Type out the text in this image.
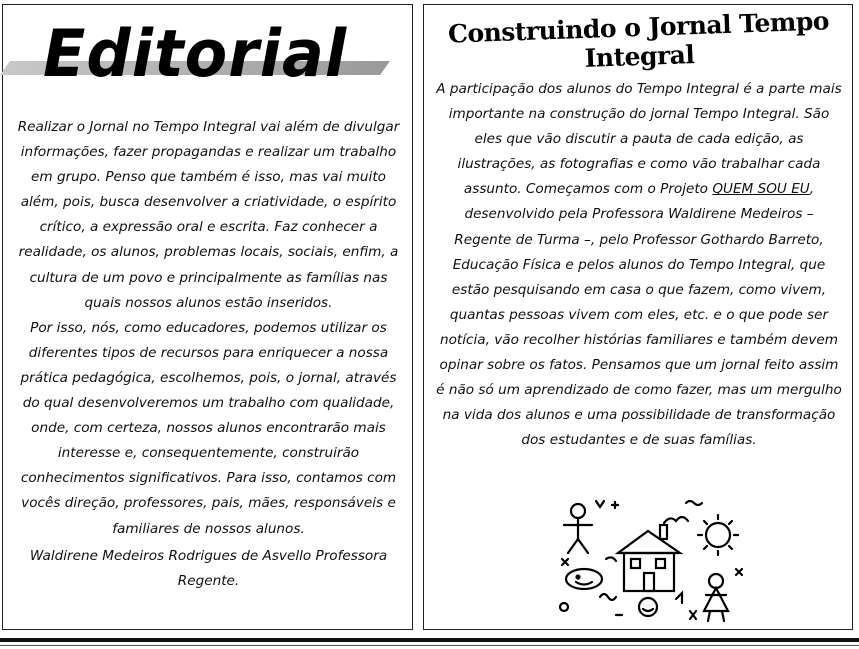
Editorial

Realizar o Jornal no Tempo Integral vai além de divulgar informações, fazer propagandas e realizar um trabalho em grupo. Penso que também é isso, mas vai muito além, pois, busca desenvolver a criatividade, o espírito crítico, a expressão oral e escrita. Faz conhecer a realidade, os alunos, problemas locais, sociais, enfim, a cultura de um povo e principalmente as famílias nas quais nossos alunos estão inseridos.

Por isso, nós, como educadores, podemos utilizar os diferentes tipos de recursos para enriquecer a nossa prática pedagógica, escolhemos, pois, o jornal, através do qual desenvolveremos um trabalho com qualidade, onde, com certeza, nossos alunos encontrarão mais interesse e, consequentemente, construirão conhecimentos significativos. Para isso, contamos com vocês direção, professores, pais, mães, responsáveis e familiares de nossos alunos.

Waldirene Medeiros Rodrigues de Asvello Professora Regente.

Construindo o Jornal Tempo Integral

A participação dos alunos do Tempo Integral é a parte mais importante na construção do jornal Tempo Integral. São eles que vão discutir a pauta de cada edição, as ilustrações, as fotografias e como vão trabalhar cada assunto. Começamos com o Projeto QUEM SOU EU, desenvolvido pela Professora Waldirene Medeiros – Regente de Turma –, pelo Professor Gothardo Barreto, Educação Física e pelos alunos do Tempo Integral, que estão pesquisando em casa o que fazem, como vivem, quantas pessoas vivem com eles, etc. e o que pode ser notícia, vão recolher histórias familiares e também devem opinar sobre os fatos. Pensamos que um jornal feito assim é não só um aprendizado de como fazer, mas um mergulho na vida dos alunos e uma possibilidade de transformação dos estudantes e de suas famílias.
